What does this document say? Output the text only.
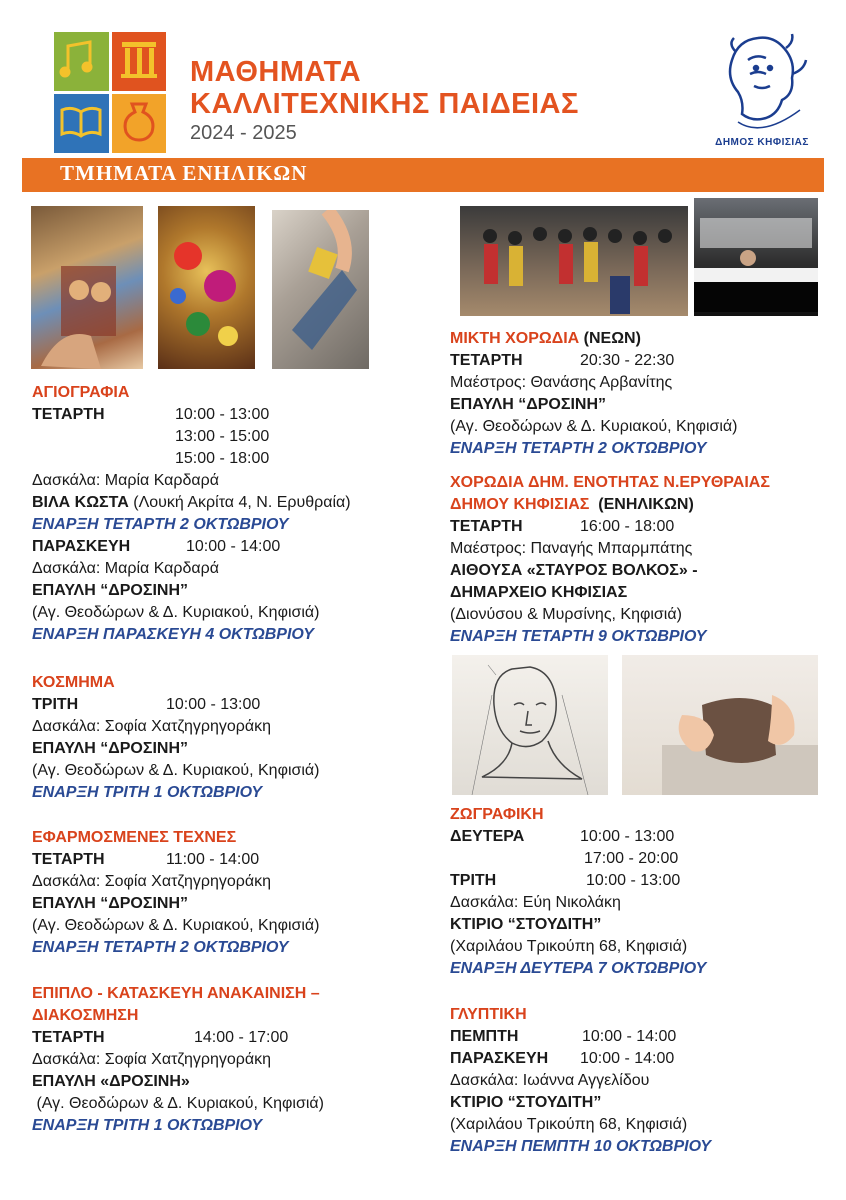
ΜΑΘΗΜΑΤΑ
ΚΑΛΛΙΤΕΧΝΙΚΗΣ ΠΑΙΔΕΙΑΣ
2024 - 2025	ΔΗΜΟΣ ΚΗΦΙΣΙΑΣ
ΤΜΗΜΑΤΑ ΕΝΗΛΙΚΩΝ
ΑΓΙΟΓΡΑΦΙΑ
ΤΕΤΑΡΤΗ	10:00 - 13:00
13:00 - 15:00
15:00 - 18:00
Δασκάλα: Μαρία Καρδαρά
ΒΙΛΑ ΚΩΣΤΑ (Λουκή Ακρίτα 4, Ν. Ερυθραία)
ΕΝΑΡΞΗ ΤΕΤΑΡΤΗ 2 ΟΚΤΩΒΡΙΟΥ
ΠΑΡΑΣΚΕΥΗ	10:00 - 14:00
Δασκάλα: Μαρία Καρδαρά
ΕΠΑΥΛΗ “ΔΡΟΣΙΝΗ”
(Αγ. Θεοδώρων & Δ. Κυριακού, Κηφισιά)
ΕΝΑΡΞΗ ΠΑΡΑΣΚΕΥΗ 4 ΟΚΤΩΒΡΙΟΥ
ΚΟΣΜΗΜΑ
ΤΡΙΤΗ	10:00 - 13:00
Δασκάλα: Σοφία Χατζηγρηγοράκη
ΕΠΑΥΛΗ “ΔΡΟΣΙΝΗ”
(Αγ. Θεοδώρων & Δ. Κυριακού, Κηφισιά)
ΕΝΑΡΞΗ ΤΡΙΤΗ 1 ΟΚΤΩΒΡΙΟΥ
ΕΦΑΡΜΟΣΜΕΝΕΣ ΤΕΧΝΕΣ
ΤΕΤΑΡΤΗ	11:00 - 14:00
Δασκάλα: Σοφία Χατζηγρηγοράκη
ΕΠΑΥΛΗ “ΔΡΟΣΙΝΗ”
(Αγ. Θεοδώρων & Δ. Κυριακού, Κηφισιά)
ΕΝΑΡΞΗ ΤΕΤΑΡΤΗ 2 ΟΚΤΩΒΡΙΟΥ
ΕΠΙΠΛΟ - ΚΑΤΑΣΚΕΥΗ ΑΝΑΚΑΙΝΙΣΗ –
ΔΙΑΚΟΣΜΗΣΗ
ΤΕΤΑΡΤΗ	14:00 - 17:00
Δασκάλα: Σοφία Χατζηγρηγοράκη
ΕΠΑΥΛΗ «ΔΡΟΣΙΝΗ»
(Αγ. Θεοδώρων & Δ. Κυριακού, Κηφισιά)
ΕΝΑΡΞΗ ΤΡΙΤΗ 1 ΟΚΤΩΒΡΙΟΥ
ΜΙΚΤΗ ΧΟΡΩΔΙΑ (ΝΕΩΝ)
ΤΕΤΑΡΤΗ	20:30 - 22:30
Μαέστρος: Θανάσης Αρβανίτης
ΕΠΑΥΛΗ “ΔΡΟΣΙΝΗ”
(Αγ. Θεοδώρων & Δ. Κυριακού, Κηφισιά)
ΕΝΑΡΞΗ ΤΕΤΑΡΤΗ 2 ΟΚΤΩΒΡΙΟΥ
ΧΟΡΩΔΙΑ ΔΗΜ. ΕΝΟΤΗΤΑΣ Ν.ΕΡΥΘΡΑΙΑΣ
ΔΗΜΟΥ ΚΗΦΙΣΙΑΣ  (ΕΝΗΛΙΚΩΝ)
ΤΕΤΑΡΤΗ	16:00 - 18:00
Μαέστρος: Παναγής Μπαρμπάτης
ΑΙΘΟΥΣΑ «ΣΤΑΥΡΟΣ ΒΟΛΚΟΣ» -
ΔΗΜΑΡΧΕΙΟ ΚΗΦΙΣΙΑΣ
(Διονύσου & Μυρσίνης, Κηφισιά)
ΕΝΑΡΞΗ ΤΕΤΑΡΤΗ 9 ΟΚΤΩΒΡΙΟΥ
ΖΩΓΡΑΦΙΚΗ
ΔΕΥΤΕΡΑ	10:00 - 13:00
17:00 - 20:00
ΤΡΙΤΗ	10:00 - 13:00
Δασκάλα: Εύη Νικολάκη
ΚΤΙΡΙΟ “ΣΤΟΥΔΙΤΗ”
(Χαριλάου Τρικούπη 68, Κηφισιά)
ΕΝΑΡΞΗ ΔΕΥΤΕΡΑ 7 ΟΚΤΩΒΡΙΟΥ
ΓΛΥΠΤΙΚΗ
ΠΕΜΠΤΗ	10:00 - 14:00
ΠΑΡΑΣΚΕΥΗ 10:00 - 14:00
Δασκάλα: Ιωάννα Αγγελίδου
ΚΤΙΡΙΟ “ΣΤΟΥΔΙΤΗ”
(Χαριλάου Τρικούπη 68, Κηφισιά)
ΕΝΑΡΞΗ ΠΕΜΠΤΗ 10 ΟΚΤΩΒΡΙΟΥ
